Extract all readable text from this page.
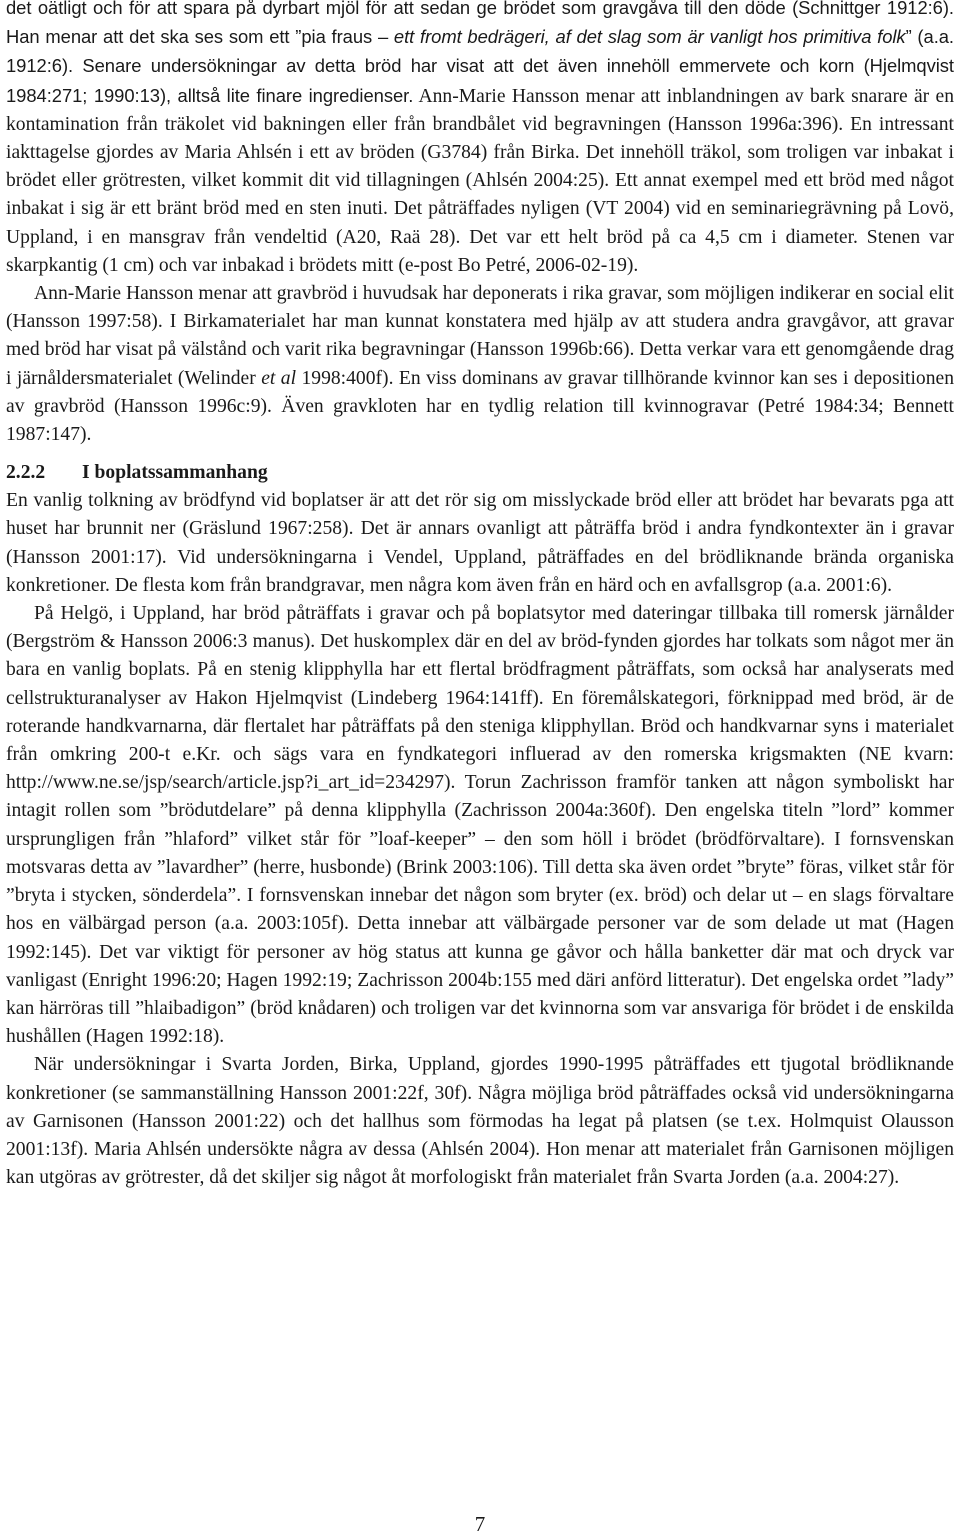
det oätligt och för att spara på dyrbart mjöl för att sedan ge brödet som gravgåva till den döde (Schnittger 1912:6). Han menar att det ska ses som ett ”pia fraus – ett fromt bedrägeri, af det slag som är vanligt hos primitiva folk” (a.a. 1912:6). Senare undersökningar av detta bröd har visat att det även innehöll emmervete och korn (Hjelmqvist 1984:271; 1990:13), alltså lite finare ingredienser. Ann-Marie Hansson menar att inblandningen av bark snarare är en kontamination från träkolet vid bakningen eller från brandbålet vid begravningen (Hansson 1996a:396). En intressant iakttagelse gjordes av Maria Ahlsén i ett av bröden (G3784) från Birka. Det innehöll träkol, som troligen var inbakat i brödet eller grötresten, vilket kommit dit vid tillagningen (Ahlsén 2004:25). Ett annat exempel med ett bröd med något inbakat i sig är ett bränt bröd med en sten inuti. Det påträffades nyligen (VT 2004) vid en seminariegrävning på Lovö, Uppland, i en mansgrav från vendeltid (A20, Raä 28). Det var ett helt bröd på ca 4,5 cm i diameter. Stenen var skarpkantig (1 cm) och var inbakad i brödets mitt (e-post Bo Petré, 2006-02-19).

Ann-Marie Hansson menar att gravbröd i huvudsak har deponerats i rika gravar, som möjligen indikerar en social elit (Hansson 1997:58). I Birkamaterialet har man kunnat konstatera med hjälp av att studera andra gravgåvor, att gravar med bröd har visat på välstånd och varit rika begravningar (Hansson 1996b:66). Detta verkar vara ett genomgående drag i järnåldersmaterialet (Welinder et al 1998:400f). En viss dominans av gravar tillhörande kvinnor kan ses i depositionen av gravbröd (Hansson 1996c:9). Även gravkloten har en tydlig relation till kvinnogravar (Petré 1984:34; Bennett 1987:147).

2.2.2 I boplatssammanhang

En vanlig tolkning av brödfynd vid boplatser är att det rör sig om misslyckade bröd eller att brödet har bevarats pga att huset har brunnit ner (Gräslund 1967:258). Det är annars ovanligt att påträffa bröd i andra fyndkontexter än i gravar (Hansson 2001:17). Vid undersökningarna i Vendel, Uppland, påträffades en del brödliknande brända organiska konkretioner. De flesta kom från brandgravar, men några kom även från en härd och en avfallsgrop (a.a. 2001:6).

På Helgö, i Uppland, har bröd påträffats i gravar och på boplatsytor med dateringar tillbaka till romersk järnålder (Bergström & Hansson 2006:3 manus). Det huskomplex där en del av bröd-fynden gjordes har tolkats som något mer än bara en vanlig boplats. På en stenig klipphylla har ett flertal brödfragment påträffats, som också har analyserats med cellstrukturanalyser av Hakon Hjelmqvist (Lindeberg 1964:141ff). En föremålskategori, förknippad med bröd, är de roterande handkvarnarna, där flertalet har påträffats på den steniga klipphyllan. Bröd och handkvarnar syns i materialet från omkring 200-t e.Kr. och sägs vara en fyndkategori influerad av den romerska krigsmakten (NE kvarn: http://www.ne.se/jsp/search/article.jsp?i_art_id=234297). Torun Zachrisson framför tanken att någon symboliskt har intagit rollen som ”brödutdelare” på denna klipphylla (Zachrisson 2004a:360f). Den engelska titeln ”lord” kommer ursprungligen från ”hlaford” vilket står för ”loaf-keeper” – den som höll i brödet (brödförvaltare). I fornsvenskan motsvaras detta av ”lavardher” (herre, husbonde) (Brink 2003:106). Till detta ska även ordet ”bryte” föras, vilket står för ”bryta i stycken, sönderdela”. I fornsvenskan innebar det någon som bryter (ex. bröd) och delar ut – en slags förvaltare hos en välbärgad person (a.a. 2003:105f). Detta innebar att välbärgade personer var de som delade ut mat (Hagen 1992:145). Det var viktigt för personer av hög status att kunna ge gåvor och hålla banketter där mat och dryck var vanligast (Enright 1996:20; Hagen 1992:19; Zachrisson 2004b:155 med däri anförd litteratur). Det engelska ordet ”lady” kan härröras till ”hlaibadigon” (bröd knådaren) och troligen var det kvinnorna som var ansvariga för brödet i de enskilda hushållen (Hagen 1992:18).

När undersökningar i Svarta Jorden, Birka, Uppland, gjordes 1990-1995 påträffades ett tjugotal brödliknande konkretioner (se sammanställning Hansson 2001:22f, 30f). Några möjliga bröd påträffades också vid undersökningarna av Garnisonen (Hansson 2001:22) och det hallhus som förmodas ha legat på platsen (se t.ex. Holmquist Olausson 2001:13f). Maria Ahlsén undersökte några av dessa (Ahlsén 2004). Hon menar att materialet från Garnisonen möjligen kan utgöras av grötrester, då det skiljer sig något åt morfologiskt från materialet från Svarta Jorden (a.a. 2004:27).

7
